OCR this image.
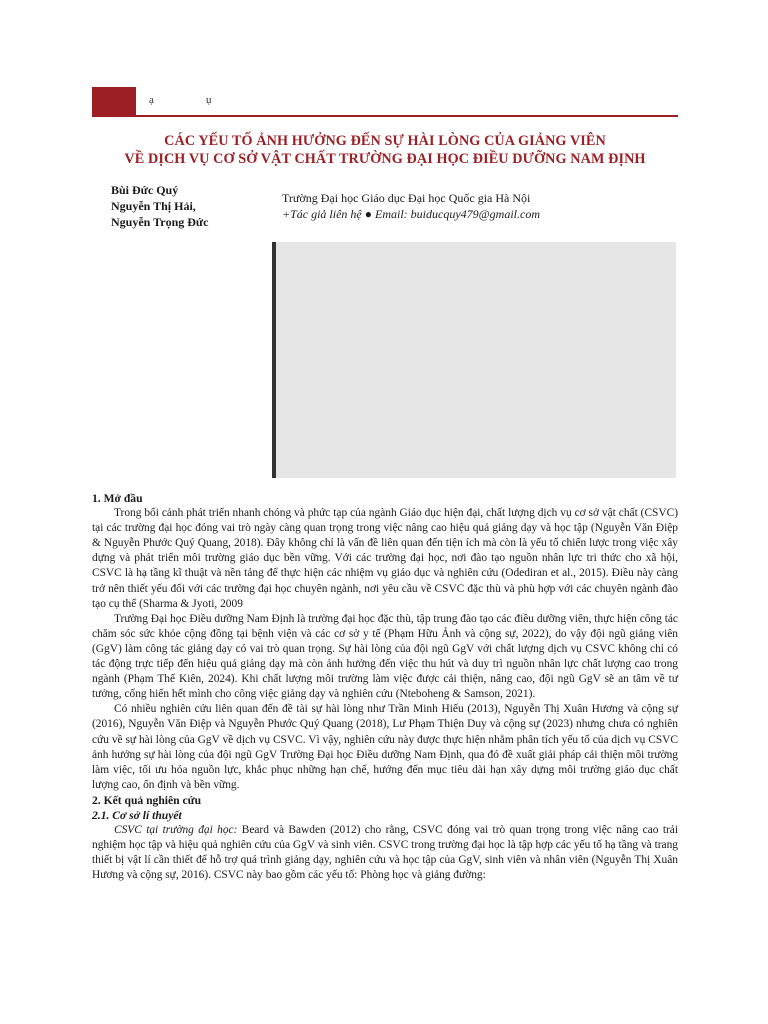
ạ	ụ
CÁC YẾU TỐ ẢNH HƯỞNG ĐẾN SỰ HÀI LÒNG CỦA GIẢNG VIÊN
VỀ DỊCH VỤ CƠ SỞ VẬT CHẤT TRƯỜNG ĐẠI HỌC ĐIỀU DƯỠNG NAM ĐỊNH
Bùi Đức Quý
Nguyễn Thị Hải,
Nguyễn Trọng Đức
Trường Đại học Giáo dục Đại học Quốc gia Hà Nội
+Tác giả liên hệ ● Email: buiducquy479@gmail.com
1. Mở đầu

Trong bối cảnh phát triển nhanh chóng và phức tạp của ngành Giáo dục hiện đại, chất lượng dịch vụ cơ sở vật chất (CSVC) tại các trường đại học đóng vai trò ngày càng quan trọng trong việc nâng cao hiệu quả giảng dạy và học tập (Nguyễn Văn Điệp & Nguyễn Phước Quý Quang, 2018). Đây không chỉ là vấn đề liên quan đến tiện ích mà còn là yếu tố chiến lược trong việc xây dựng và phát triển môi trường giáo dục bền vững. Với các trường đại học, nơi đào tạo nguồn nhân lực tri thức cho xã hội, CSVC là hạ tầng kĩ thuật và nền tảng để thực hiện các nhiệm vụ giáo dục và nghiên cứu (Odediran et al., 2015). Điều này càng trở nên thiết yếu đối với các trường đại học chuyên ngành, nơi yêu cầu về CSVC đặc thù và phù hợp với các chuyên ngành đào tạo cụ thể (Sharma & Jyoti, 2009

Trường Đại học Điều dưỡng Nam Định là trường đại học đặc thù, tập trung đào tạo các điều dưỡng viên, thực hiện công tác chăm sóc sức khỏe cộng đồng tại bệnh viện và các cơ sở y tế (Phạm Hữu Ảnh và cộng sự, 2022), do vậy đội ngũ giảng viên (GgV) làm công tác giảng dạy có vai trò quan trọng. Sự hài lòng của đội ngũ GgV với chất lượng dịch vụ CSVC không chỉ có tác động trực tiếp đến hiệu quả giảng dạy mà còn ảnh hưởng đến việc thu hút và duy trì nguồn nhân lực chất lượng cao trong ngành (Phạm Thế Kiên, 2024). Khi chất lượng môi trường làm việc được cải thiện, nâng cao, đội ngũ GgV sẽ an tâm về tư tưởng, cống hiến hết mình cho công việc giảng dạy và nghiên cứu (Nteboheng & Samson, 2021).

Có nhiều nghiên cứu liên quan đến đề tài sự hài lòng như Trần Minh Hiếu (2013), Nguyễn Thị Xuân Hương và cộng sự (2016), Nguyễn Văn Điệp và Nguyễn Phước Quý Quang (2018), Lư Phạm Thiện Duy và cộng sự (2023) nhưng chưa có nghiên cứu về sự hài lòng của GgV về dịch vụ CSVC. Vì vậy, nghiên cứu này được thực hiện nhằm phân tích yếu tố của dịch vụ CSVC ảnh hưởng sự hài lòng của đội ngũ GgV Trường Đại học Điều dưỡng Nam Định, qua đó đề xuất giải pháp cải thiện môi trường làm việc, tối ưu hóa nguồn lực, khắc phục những hạn chế, hướng đến mục tiêu dài hạn xây dựng môi trường giáo dục chất lượng cao, ổn định và bền vững.

2. Kết quả nghiên cứu
2.1. Cơ sở lí thuyết

CSVC tại trường đại học: Beard và Bawden (2012) cho rằng, CSVC đóng vai trò quan trọng trong việc nâng cao trải nghiệm học tập và hiệu quả nghiên cứu của GgV và sinh viên. CSVC trong trường đại học là tập hợp các yếu tố hạ tầng và trang thiết bị vật lí cần thiết để hỗ trợ quá trình giảng dạy, nghiên cứu và học tập của GgV, sinh viên và nhân viên (Nguyễn Thị Xuân Hương và cộng sự, 2016). CSVC này bao gồm các yếu tố: Phòng học và giảng đường:
